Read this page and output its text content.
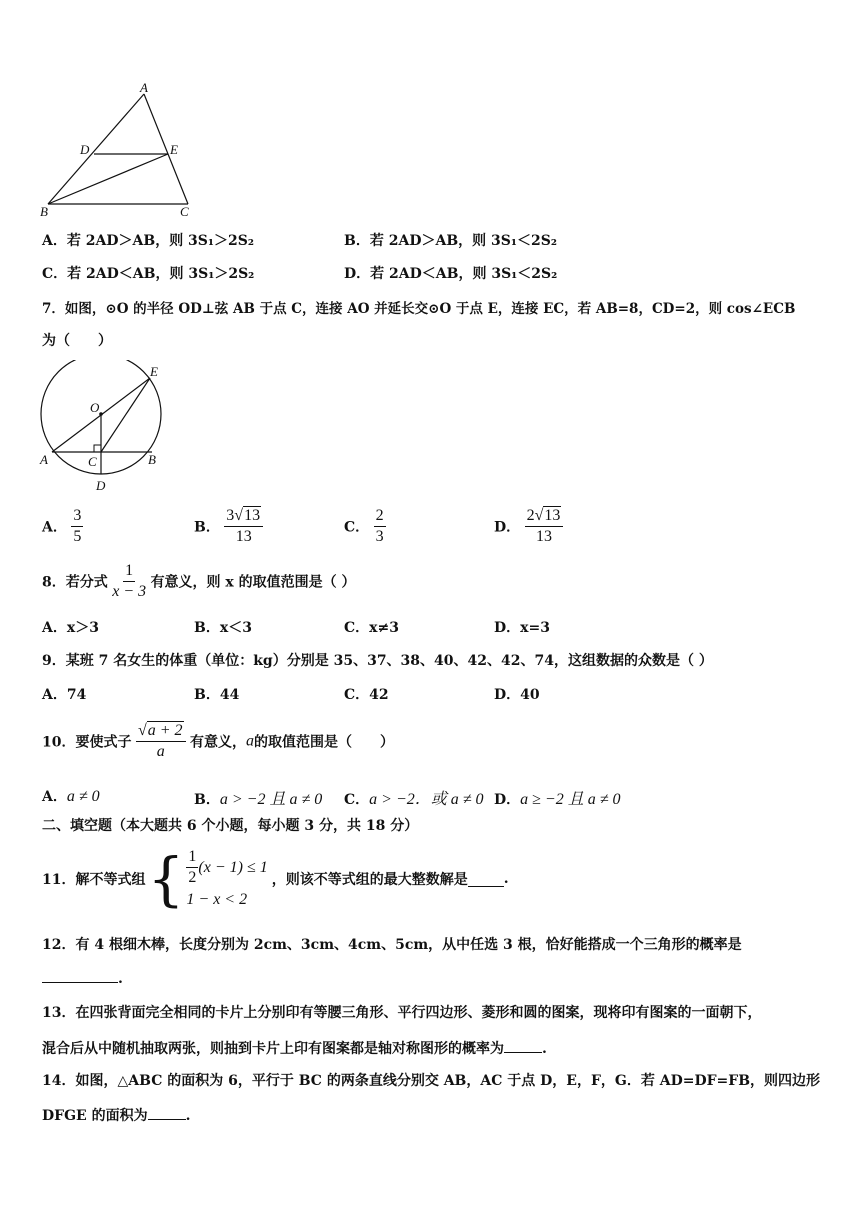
A
D	E
B	C
A．若 2AD＞AB，则 3S₁＞2S₂	B．若 2AD＞AB，则 3S₁＜2S₂
C．若 2AD＜AB，则 3S₁＞2S₂	D．若 2AD＜AB，则 3S₁＜2S₂
7．如图，⊙O 的半径 OD⊥弦 AB 于点 C，连接 AO 并延长交⊙O 于点 E，连接 EC，若 AB=8，CD=2，则 cos∠ECB
为（　　）
E
O
A	C	B
D
A． $\frac{3}{5}$	B． $\frac{3√13}{13}$	C． $\frac{2}{3}$	D． $\frac{2√13}{13}$
8．若分式 $\frac{1}{x - 3}$ 有意义，则 x 的取值范围是（ ）
A．x＞3	B．x＜3	C．x≠3	D．x=3
9．某班 7 名女生的体重（单位：kg）分别是 35、37、38、40、42、42、74，这组数据的众数是（ ）
A．74	B．44	C．42	D．40
10．要使式子 $\frac{√a + 2}{a}$ 有意义，a的取值范围是（　　）
A．a ≠ 0	B．a > −2 且 a ≠ 0 C．a > −2．或 a ≠ 0 D．a ≥ −2 且 a ≠ 0
二、填空题（本大题共 6 个小题，每小题 3 分，共 18 分）
11．解不等式组 { $\frac{1}{2} (x - 1) \le 1$
1 − x < 2
，则该不等式组的最大整数解是	.
12．有 4 根细木棒，长度分别为 2cm、3cm、4cm、5cm，从中任选 3 根，恰好能搭成一个三角形的概率是
.
13．在四张背面完全相同的卡片上分别印有等腰三角形、平行四边形、菱形和圆的图案，现将印有图案的一面朝下，
混合后从中随机抽取两张，则抽到卡片上印有图案都是轴对称图形的概率为	.
14．如图，△ABC 的面积为 6，平行于 BC 的两条直线分别交 AB，AC 于点 D，E，F，G．若 AD=DF=FB，则四边形
DFGE 的面积为	.
